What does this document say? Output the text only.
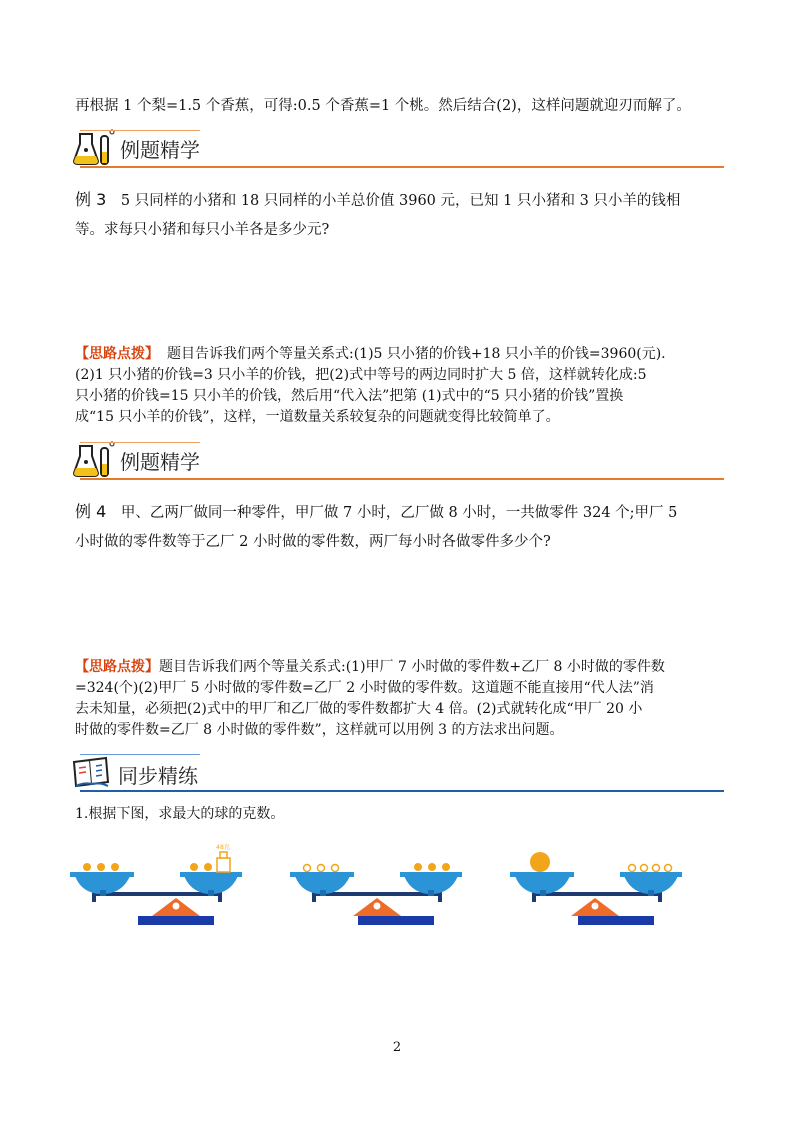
再根据 1 个梨=1.5 个香蕉，可得:0.5 个香蕉=1 个桃。然后结合(2)，这样问题就迎刃而解了。
例题精学
例 3 5 只同样的小猪和 18 只同样的小羊总价值 3960 元，已知 1 只小猪和 3 只小羊的钱相
等。求每只小猪和每只小羊各是多少元?
【思路点拨】 题目告诉我们两个等量关系式:(1)5 只小猪的价钱+18 只小羊的价钱=3960(元).
(2)1 只小猪的价钱=3 只小羊的价钱，把(2)式中等号的两边同时扩大 5 倍，这样就转化成:5
只小猪的价钱=15 只小羊的价钱，然后用“代入法”把第 (1)式中的“5 只小猪的价钱”置换
成“15 只小羊的价钱”，这样，一道数量关系较复杂的问题就变得比较简单了。
例题精学
例 4 甲、乙两厂做同一种零件，甲厂做 7 小时，乙厂做 8 小时，一共做零件 324 个;甲厂 5
小时做的零件数等于乙厂 2 小时做的零件数，两厂每小时各做零件多少个?
【思路点拨】题目告诉我们两个等量关系式:(1)甲厂 7 小时做的零件数+乙厂 8 小时做的零件数
=324(个)(2)甲厂 5 小时做的零件数=乙厂 2 小时做的零件数。这道题不能直接用“代人法”消
去未知量，必须把(2)式中的甲厂和乙厂做的零件数都扩大 4 倍。(2)式就转化成“甲厂 20 小
时做的零件数=乙厂 8 小时做的零件数”，这样就可以用例 3 的方法求出问题。
同步精练
1.根据下图，求最大的球的克数。
48克
2
